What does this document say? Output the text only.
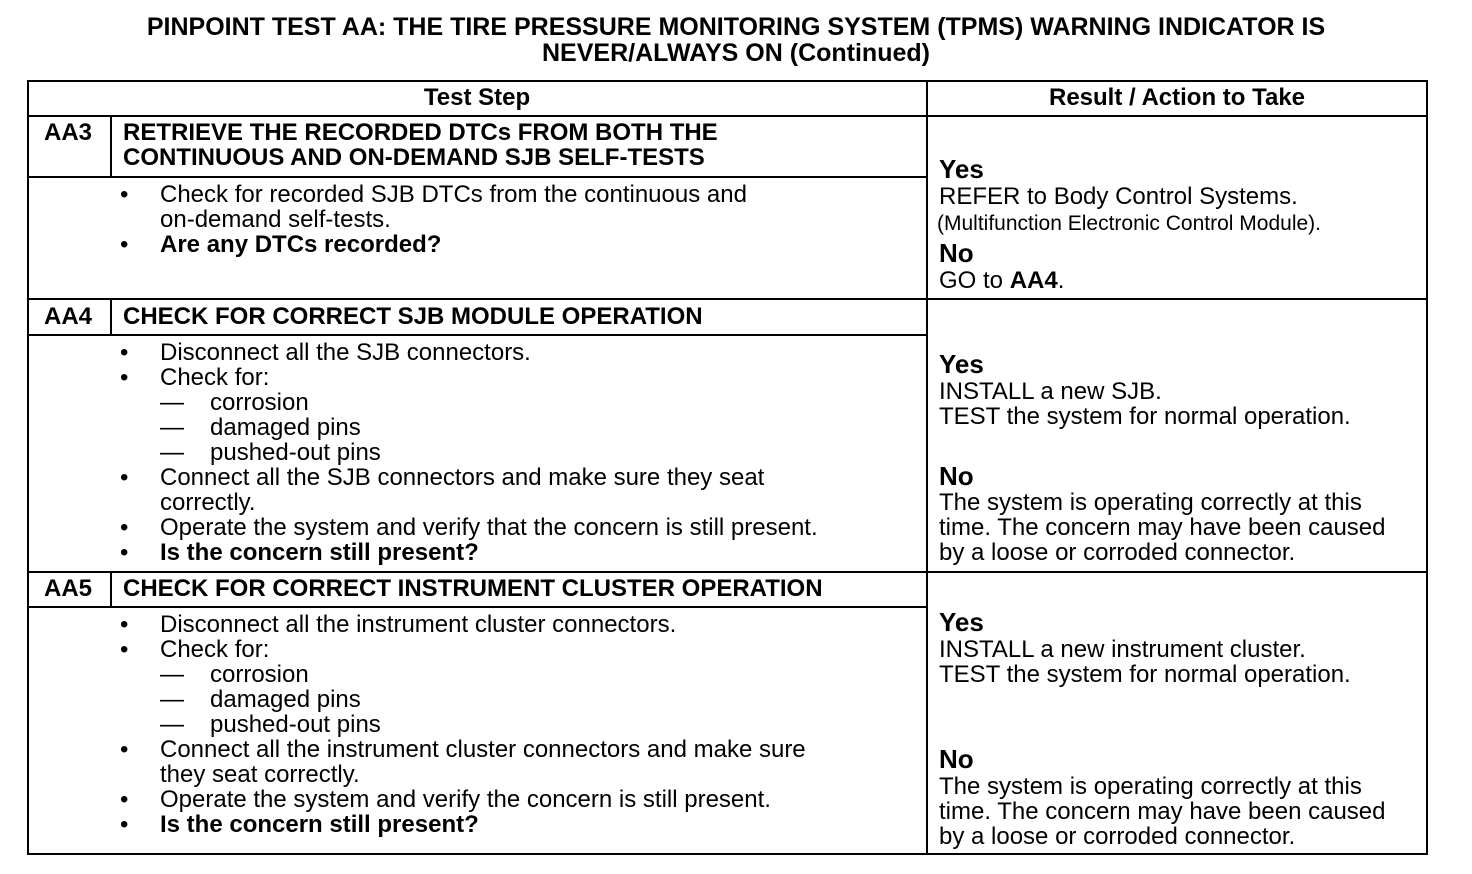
PINPOINT TEST AA: THE TIRE PRESSURE MONITORING SYSTEM (TPMS) WARNING INDICATOR IS
NEVER/ALWAYS ON (Continued)
Test Step	Result / Action to Take
AA3 RETRIEVE THE RECORDED DTCs FROM BOTH THE
CONTINUOUS AND ON-DEMAND SJB SELF-TESTS
• Check for recorded SJB DTCs from the continuous and
on-demand self-tests.
• Are any DTCs recorded?
Yes
REFER to Body Control Systems.
(Multifunction Electronic Control Module).
No
GO to AA4.
AA4 CHECK FOR CORRECT SJB MODULE OPERATION
• Disconnect all the SJB connectors.
• Check for:
— corrosion
— damaged pins
— pushed-out pins
• Connect all the SJB connectors and make sure they seat
correctly.
• Operate the system and verify that the concern is still present.
• Is the concern still present?
Yes
INSTALL a new SJB.
TEST the system for normal operation.
No
The system is operating correctly at this
time. The concern may have been caused
by a loose or corroded connector.
AA5 CHECK FOR CORRECT INSTRUMENT CLUSTER OPERATION
• Disconnect all the instrument cluster connectors.
• Check for:
— corrosion
— damaged pins
— pushed-out pins
• Connect all the instrument cluster connectors and make sure
they seat correctly.
• Operate the system and verify the concern is still present.
• Is the concern still present?
Yes
INSTALL a new instrument cluster.
TEST the system for normal operation.
No
The system is operating correctly at this
time. The concern may have been caused
by a loose or corroded connector.
